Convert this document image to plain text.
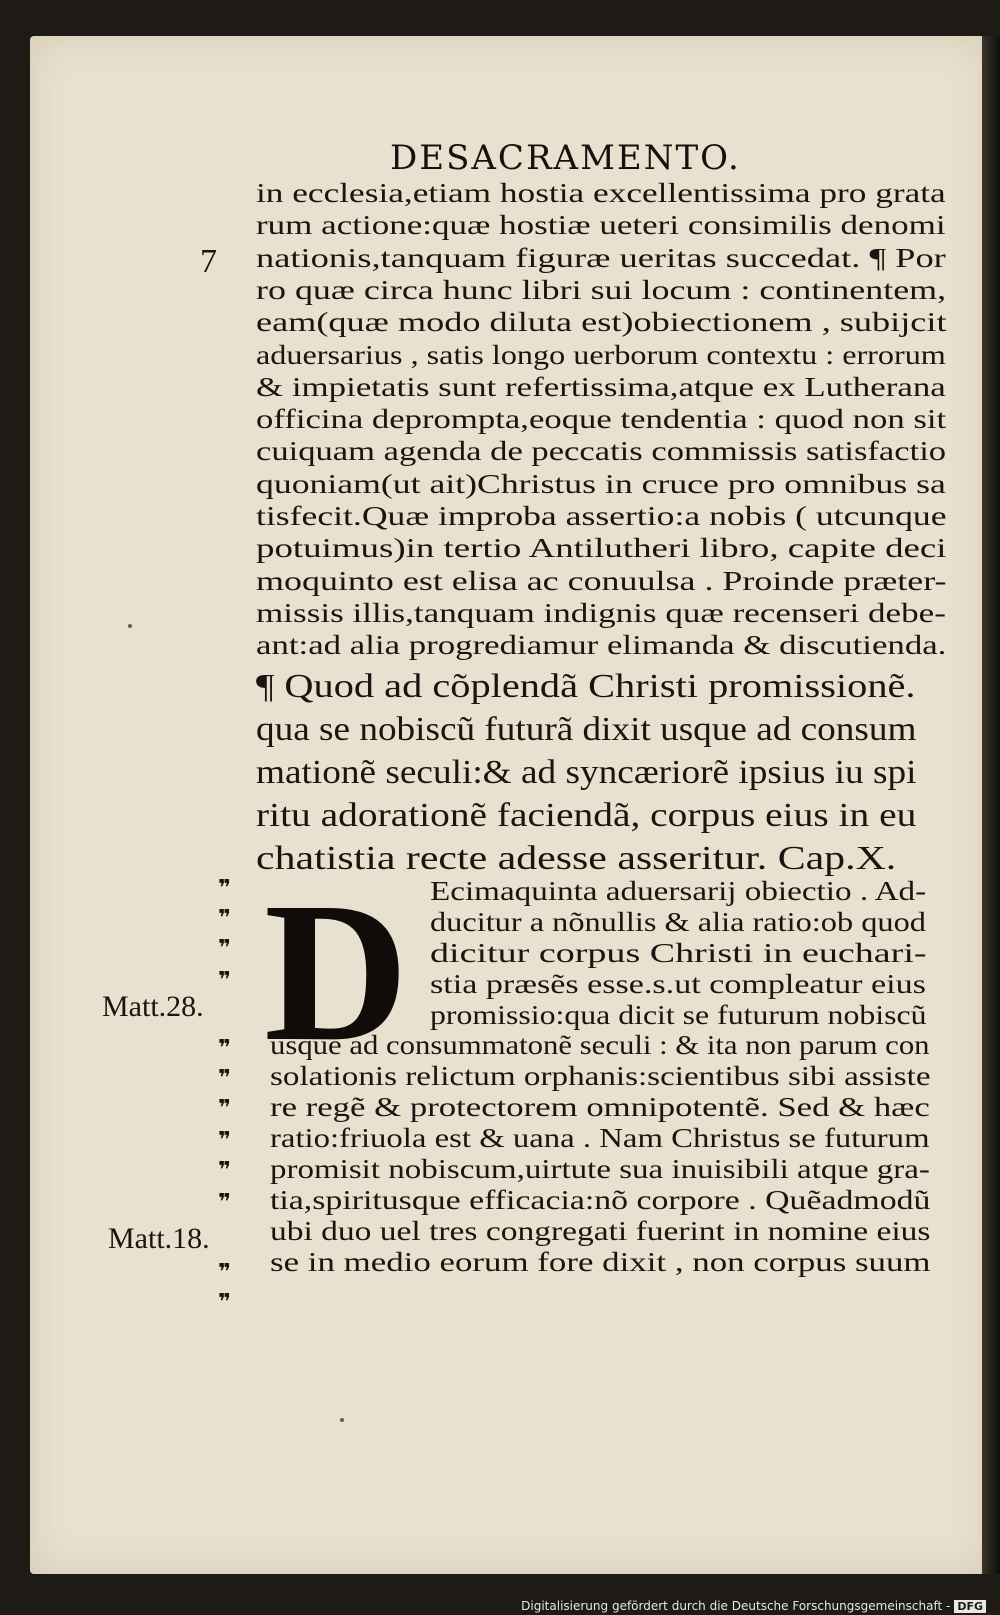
DESACRAMENTO.
7
in ecclesia,etiam hostia excellentissima pro grata
rum actione:quæ hostiæ ueteri consimilis denomi
nationis,tanquam figuræ ueritas succedat. ¶ Por
ro quæ circa hunc libri sui locum : continentem,
eam(quæ modo diluta est)obiectionem , subijcit
aduersarius , satis longo uerborum contextu : errorum
& impietatis sunt refertissima,atque ex Lutherana
officina deprompta,eoque tendentia : quod non sit
cuiquam agenda de peccatis commissis satisfactio
quoniam(ut ait)Christus in cruce pro omnibus sa
tisfecit.Quæ improba assertio:a nobis ( utcunque
potuimus)in tertio Antilutheri libro, capite deci
moquinto est elisa ac conuulsa . Proinde præter-
missis illis,tanquam indignis quæ recenseri debe-
ant:ad alia progrediamur elimanda & discutienda.
¶ Quod ad cõplendã Christi promissionẽ.
qua se nobiscũ futurã dixit usque ad consum
mationẽ seculi:& ad syncæriorẽ ipsius iu spi
ritu adorationẽ faciendã, corpus eius in eu
chatistia recte adesse asseritur. Cap.X.
Ecimaquinta aduersarij obiectio . Ad-
ducitur a nõnullis & alia ratio:ob quod
dicitur corpus Christi in euchari-
stia præsẽs esse.s.ut compleatur eius
promissio:qua dicit se futurum nobiscũ
usque ad consummatonẽ seculi : & ita non parum con
solationis relictum orphanis:scientibus sibi assiste
re regẽ & protectorem omnipotentẽ. Sed & hæc
ratio:friuola est & uana . Nam Christus se futurum
promisit nobiscum,uirtute sua inuisibili atque gra-
tia,spiritusque efficacia:nõ corpore . Quẽadmodũ
ubi duo uel tres congregati fuerint in nomine eius
se in medio eorum fore dixit , non corpus suum
D
Matt.28.
Matt.18.
❞
❞
❞
❞
❞
❞
❞
❞
❞
❞
❞
❞
Digitalisierung gefördert durch die Deutsche Forschungsgemeinschaft - DFG
